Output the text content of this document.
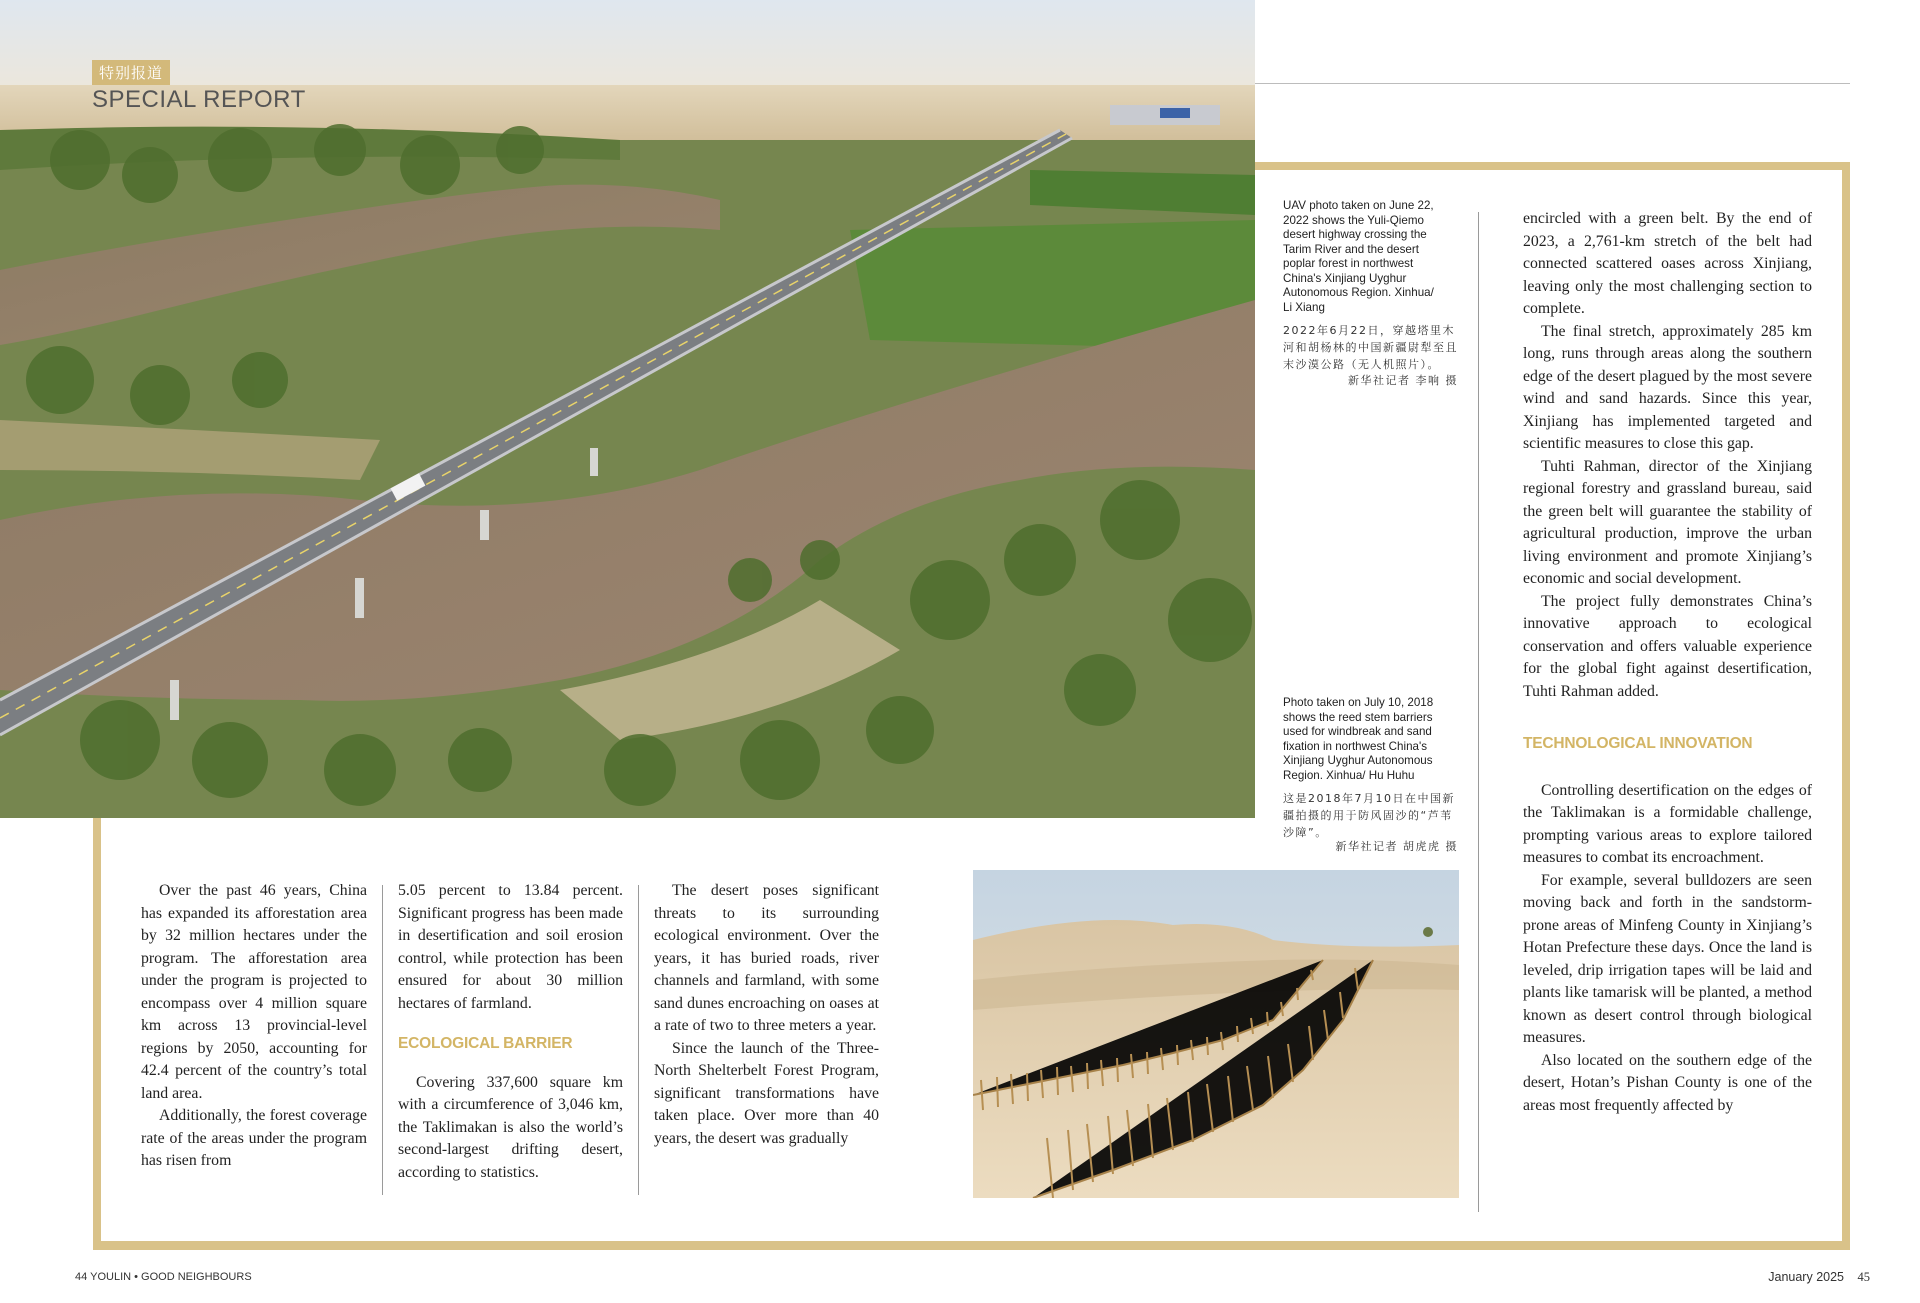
特别报道
SPECIAL REPORT
UAV photo taken on June 22, 2022 shows the Yuli-Qiemo desert highway crossing the Tarim River and the desert poplar forest in northwest China's Xinjiang Uyghur Autonomous Region. Xinhua/ Li Xiang
2022年6月22日，穿越塔里木河和胡杨林的中国新疆尉犁至且末沙漠公路（无人机照片）。
新华社记者 李响 摄
Photo taken on July 10, 2018 shows the reed stem barriers used for windbreak and sand fixation in northwest China's Xinjiang Uyghur Autonomous Region. Xinhua/ Hu Huhu
这是2018年7月10日在中国新疆拍摄的用于防风固沙的“芦苇沙障”。
新华社记者 胡虎虎 摄

Over the past 46 years, China has expanded its afforestation area by 32 million hectares under the program. The afforestation area under the program is projected to encompass over 4 million square km across 13 provincial-level regions by 2050, accounting for 42.4 percent of the country’s total land area.

Additionally, the forest coverage rate of the areas under the program has risen from

5.05 percent to 13.84 percent. Significant progress has been made in desertification and soil erosion control, while protection has been ensured for about 30 million hectares of farmland.

ECOLOGICAL BARRIER

Covering 337,600 square km with a circumference of 3,046 km, the Taklimakan is also the world’s second-largest drifting desert, according to statistics.

The desert poses significant threats to its surrounding ecological environment. Over the years, it has buried roads, river channels and farmland, with some sand dunes encroaching on oases at a rate of two to three meters a year.

Since the launch of the Three-North Shelterbelt Forest Program, significant transformations have taken place. Over more than 40 years, the desert was gradually

encircled with a green belt. By the end of 2023, a 2,761-km stretch of the belt had connected scattered oases across Xinjiang, leaving only the most challenging section to complete.

The final stretch, approximately 285 km long, runs through areas along the southern edge of the desert plagued by the most severe wind and sand hazards. Since this year, Xinjiang has implemented targeted and scientific measures to close this gap.

Tuhti Rahman, director of the Xinjiang regional forestry and grassland bureau, said the green belt will guarantee the stability of agricultural production, improve the urban living environment and promote Xinjiang’s economic and social development.

The project fully demonstrates China’s innovative approach to ecological conservation and offers valuable experience for the global fight against desertification, Tuhti Rahman added.

TECHNOLOGICAL INNOVATION

Controlling desertification on the edges of the Taklimakan is a formidable challenge, prompting various areas to explore tailored measures to combat its encroachment.

For example, several bulldozers are seen moving back and forth in the sandstorm-prone areas of Minfeng County in Xinjiang’s Hotan Prefecture these days. Once the land is leveled, drip irrigation tapes will be laid and plants like tamarisk will be planted, a method known as desert control through biological measures.

Also located on the southern edge of the desert, Hotan’s Pishan County is one of the areas most frequently affected by

44 YOULIN • GOOD NEIGHBOURS	January 2025 45
